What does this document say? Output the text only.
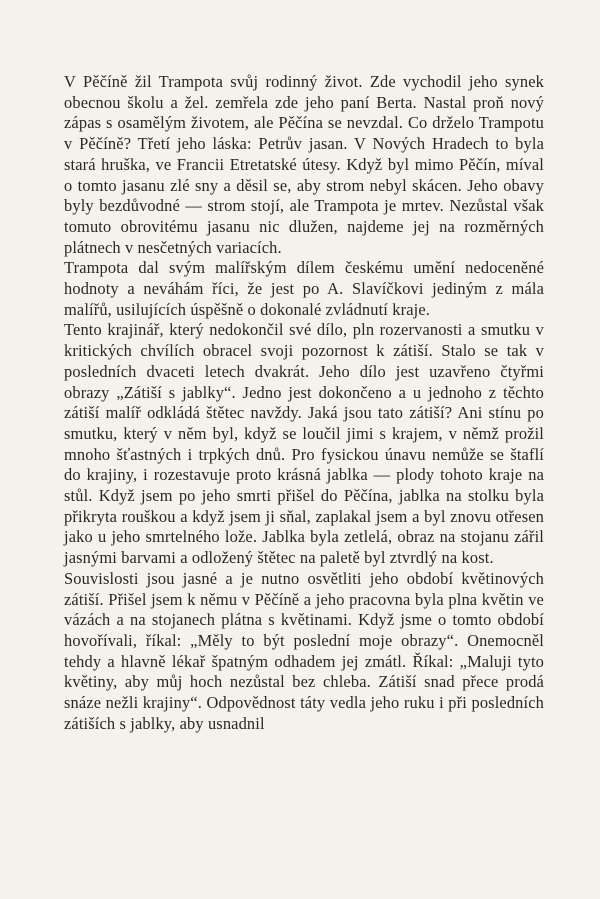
V Pěčíně žil Trampota svůj rodinný život. Zde vychodil jeho synek obecnou školu a žel. zemřela zde jeho paní Berta. Nastal proň nový zápas s osamělým životem, ale Pěčína se nevzdal. Co drželo Trampotu v Pěčíně? Třetí jeho láska: Petrův jasan. V Nových Hradech to byla stará hruška, ve Francii Etretatské útesy. Když byl mimo Pěčín, míval o tomto jasanu zlé sny a děsil se, aby strom nebyl skácen. Jeho obavy byly bezdůvodné — strom stojí, ale Trampota je mrtev. Nezůstal však tomuto obrovitému jasanu nic dlužen, najdeme jej na rozměrných plátnech v nesčetných variacích.

Trampota dal svým malířským dílem českému umění nedoceněné hodnoty a neváhám říci, že jest po A. Slavíčkovi jediným z mála malířů, usilujících úspěšně o dokonalé zvládnutí kraje.

Tento krajinář, který nedokončil své dílo, pln rozervanosti a smutku v kritických chvílích obracel svoji pozornost k zátiší. Stalo se tak v posledních dvaceti letech dvakrát. Jeho dílo jest uzavřeno čtyřmi obrazy „Zátiší s jablky“. Jedno jest dokončeno a u jednoho z těchto zátiší malíř odkládá štětec navždy. Jaká jsou tato zátiší? Ani stínu po smutku, který v něm byl, když se loučil jimi s krajem, v němž prožil mnoho šťastných i trpkých dnů. Pro fysickou únavu nemůže se štaflí do krajiny, i rozestavuje proto krásná jablka — plody tohoto kraje na stůl. Když jsem po jeho smrti přišel do Pěčína, jablka na stolku byla přikryta rouškou a když jsem ji sňal, zaplakal jsem a byl znovu otřesen jako u jeho smrtelného lože. Jablka byla zetlelá, obraz na stojanu zářil jasnými barvami a odložený štětec na paletě byl ztvrdlý na kost.

Souvislosti jsou jasné a je nutno osvětliti jeho období květinových zátiší. Přišel jsem k němu v Pěčíně a jeho pracovna byla plna květin ve vázách a na stojanech plátna s květinami. Když jsme o tomto období hovořívali, říkal: „Měly to být poslední moje obrazy“. Onemocněl tehdy a hlavně lékař špatným odhadem jej zmátl. Říkal: „Maluji tyto květiny, aby můj hoch nezůstal bez chleba. Zátiší snad přece prodá snáze nežli krajiny“. Odpovědnost táty vedla jeho ruku i při posledních zátiších s jablky, aby usnadnil
